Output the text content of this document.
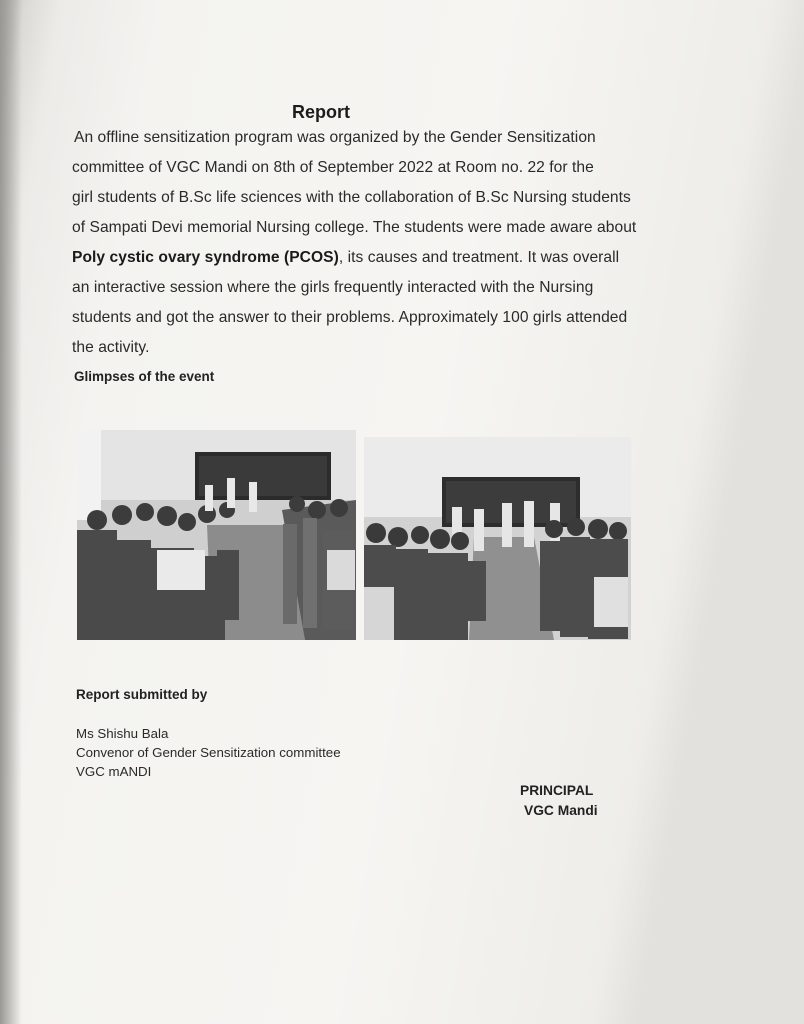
Report
An offline sensitization program was organized by the Gender Sensitization
committee of VGC Mandi on 8th of September 2022 at Room no. 22 for the
girl students of B.Sc life sciences with the collaboration of B.Sc Nursing students
of Sampati Devi memorial Nursing college. The students were made aware about
Poly cystic ovary syndrome (PCOS), its causes and treatment. It was overall
an interactive session where the girls frequently interacted with the Nursing
students and got the answer to their problems. Approximately 100 girls attended
the activity.
Glimpses of the event
Report submitted by
Ms Shishu Bala
Convenor of Gender Sensitization committee
VGC mANDI
PRINCIPAL
VGC Mandi
